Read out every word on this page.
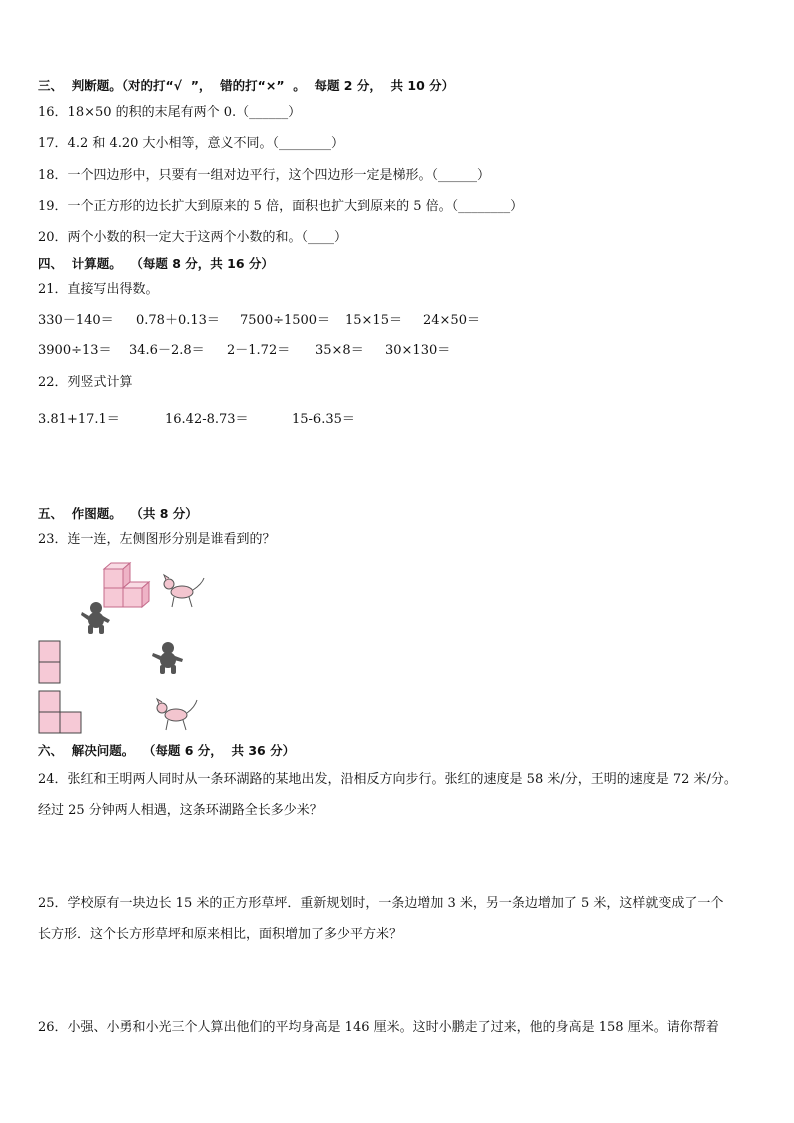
三、  判断题。（对的打“√  ”，  错的打“×”  。  每题 2 分，  共 10 分）
16．18×50 的积的末尾有两个 0.（______）
17．4.2 和 4.20 大小相等，意义不同。（________）
18．一个四边形中，只要有一组对边平行，这个四边形一定是梯形。（______）
19．一个正方形的边长扩大到原来的 5 倍，面积也扩大到原来的 5 倍。（________）
20．两个小数的积一定大于这两个小数的和。（____）
四、  计算题。  （每题 8 分，共 16 分）
21．直接写出得数。
330－140＝ 0.78＋0.13＝ 7500÷1500＝ 15×15＝ 24×50＝
3900÷13＝ 34.6－2.8＝ 2－1.72＝ 35×8＝ 30×130＝
22．列竖式计算
3.81+17.1＝	16.42-8.73＝	15-6.35＝
五、  作图题。  （共 8 分）
23．连一连，左侧图形分别是谁看到的？
六、  解决问题。  （每题 6 分，  共 36 分）
24．张红和王明两人同时从一条环湖路的某地出发，沿相反方向步行。张红的速度是 58 米/分，王明的速度是 72 米/分。
经过 25 分钟两人相遇，这条环湖路全长多少米？
25．学校原有一块边长 15 米的正方形草坪．重新规划时，一条边增加 3 米，另一条边增加了 5 米，这样就变成了一个
长方形．这个长方形草坪和原来相比，面积增加了多少平方米？
26．小强、小勇和小光三个人算出他们的平均身高是 146 厘米。这时小鹏走了过来，他的身高是 158 厘米。请你帮着
